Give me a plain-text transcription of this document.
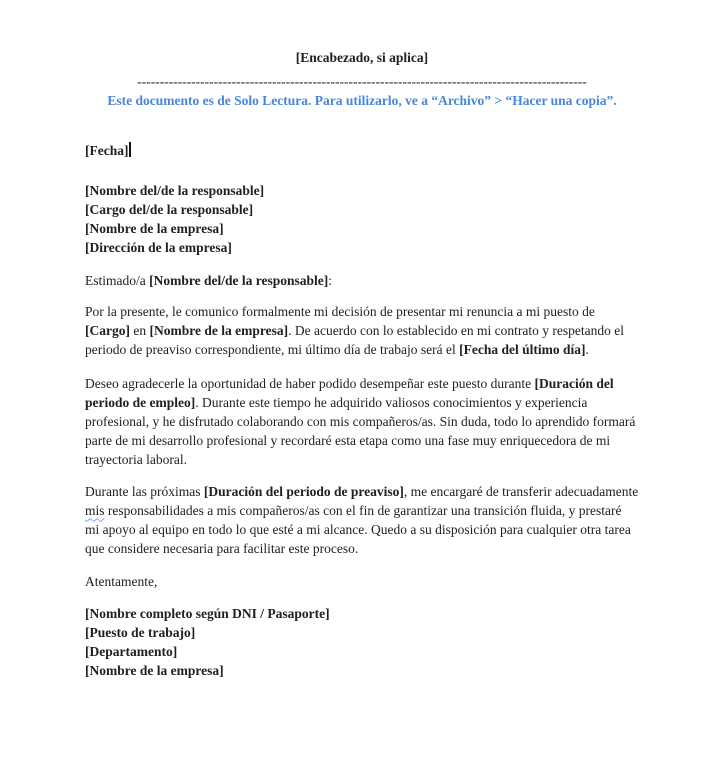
[Encabezado, si aplica]

----------------------------------------------------------------------------------------------------

Este documento es de Solo Lectura. Para utilizarlo, ve a “Archivo” > “Hacer una copia”.

[Fecha]

[Nombre del/de la responsable]
[Cargo del/de la responsable]
[Nombre de la empresa]
[Dirección de la empresa]

Estimado/a [Nombre del/de la responsable]:

Por la presente, le comunico formalmente mi decisión de presentar mi renuncia a mi puesto de [Cargo] en [Nombre de la empresa]. De acuerdo con lo establecido en mi contrato y respetando el periodo de preaviso correspondiente, mi último día de trabajo será el [Fecha del último día].

Deseo agradecerle la oportunidad de haber podido desempeñar este puesto durante [Duración del periodo de empleo]. Durante este tiempo he adquirido valiosos conocimientos y experiencia profesional, y he disfrutado colaborando con mis compañeros/as. Sin duda, todo lo aprendido formará parte de mi desarrollo profesional y recordaré esta etapa como una fase muy enriquecedora de mi trayectoria laboral.

Durante las próximas [Duración del periodo de preaviso], me encargaré de transferir adecuadamente mis responsabilidades a mis compañeros/as con el fin de garantizar una transición fluida, y prestaré mi apoyo al equipo en todo lo que esté a mi alcance. Quedo a su disposición para cualquier otra tarea que considere necesaria para facilitar este proceso.

Atentamente,

[Nombre completo según DNI / Pasaporte]
[Puesto de trabajo]
[Departamento]
[Nombre de la empresa]
